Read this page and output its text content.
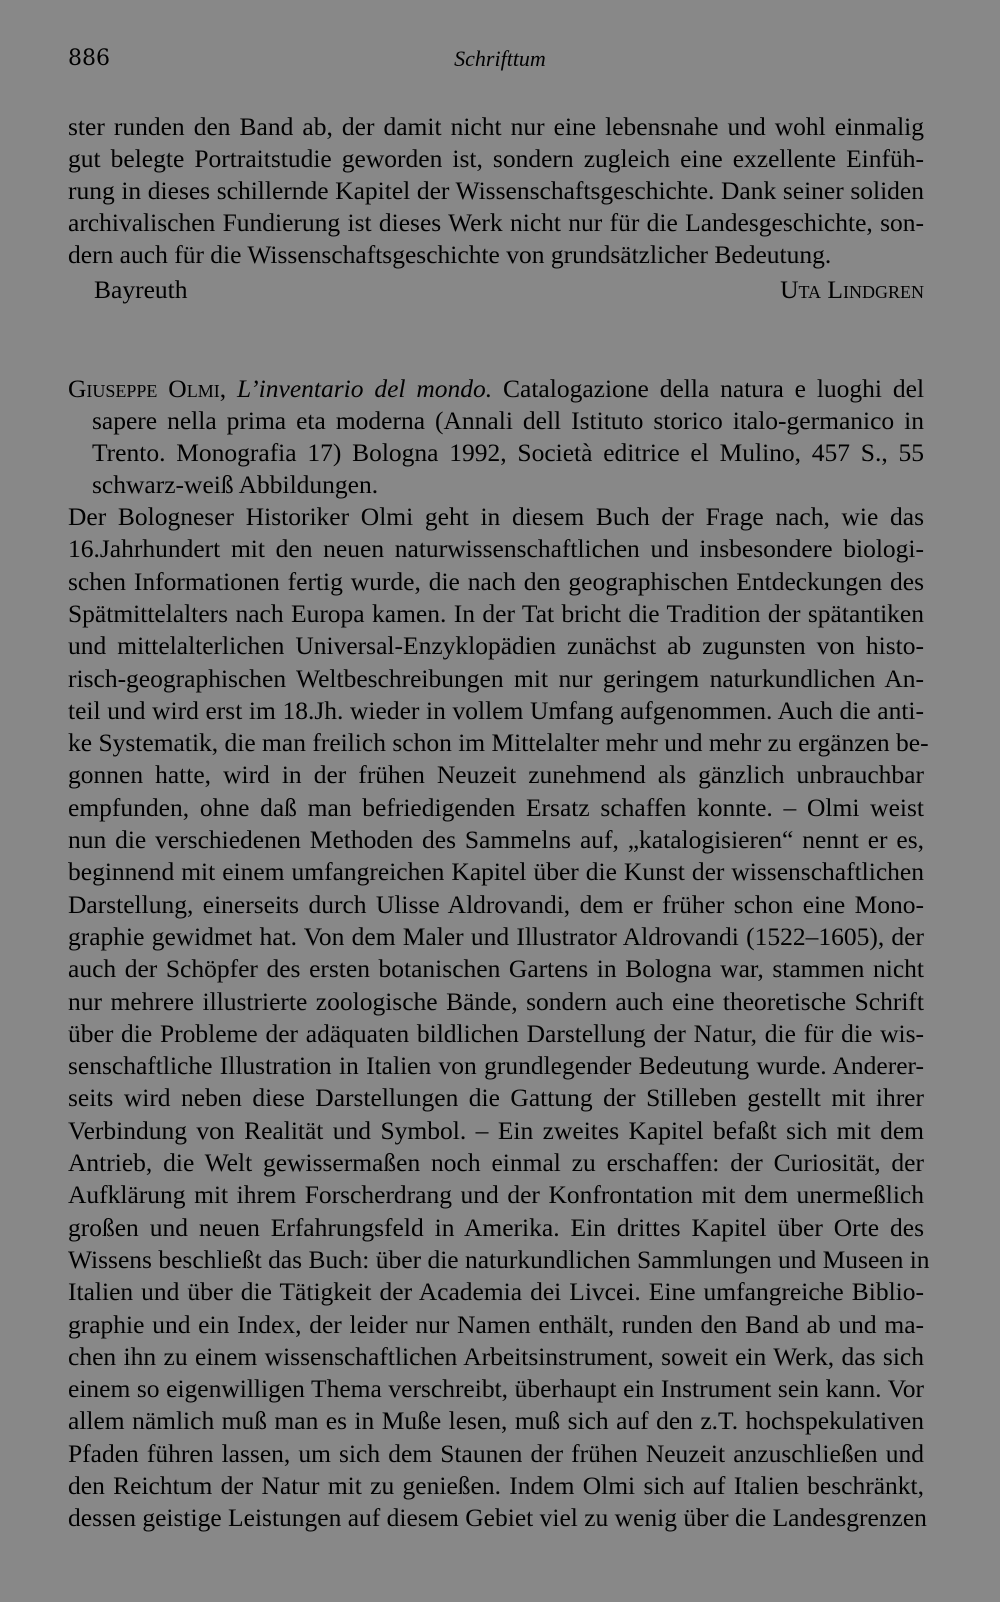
886	Schrifttum
ster runden den Band ab, der damit nicht nur eine lebensnahe und wohl einmalig
gut belegte Portraitstudie geworden ist, sondern zugleich eine exzellente Einfüh-
rung in dieses schillernde Kapitel der Wissenschaftsgeschichte. Dank seiner soliden
archivalischen Fundierung ist dieses Werk nicht nur für die Landesgeschichte, son-
dern auch für die Wissenschaftsgeschichte von grundsätzlicher Bedeutung.
Bayreuth	Uta Lindgren
Giuseppe Olmi, L’inventario del mondo. Catalogazione della natura e luoghi del
sapere nella prima eta moderna (Annali dell Istituto storico italo-germanico in
Trento. Monografia 17) Bologna 1992, Società editrice el Mulino, 457 S., 55
schwarz-weiß Abbildungen.
Der Bologneser Historiker Olmi geht in diesem Buch der Frage nach, wie das
16.Jahrhundert mit den neuen naturwissenschaftlichen und insbesondere biologi-
schen Informationen fertig wurde, die nach den geographischen Entdeckungen des
Spätmittelalters nach Europa kamen. In der Tat bricht die Tradition der spätantiken
und mittelalterlichen Universal-Enzyklopädien zunächst ab zugunsten von histo-
risch-geographischen Weltbeschreibungen mit nur geringem naturkundlichen An-
teil und wird erst im 18.Jh. wieder in vollem Umfang aufgenommen. Auch die anti-
ke Systematik, die man freilich schon im Mittelalter mehr und mehr zu ergänzen be-
gonnen hatte, wird in der frühen Neuzeit zunehmend als gänzlich unbrauchbar
empfunden, ohne daß man befriedigenden Ersatz schaffen konnte. – Olmi weist
nun die verschiedenen Methoden des Sammelns auf, „katalogisieren“ nennt er es,
beginnend mit einem umfangreichen Kapitel über die Kunst der wissenschaftlichen
Darstellung, einerseits durch Ulisse Aldrovandi, dem er früher schon eine Mono-
graphie gewidmet hat. Von dem Maler und Illustrator Aldrovandi (1522–1605), der
auch der Schöpfer des ersten botanischen Gartens in Bologna war, stammen nicht
nur mehrere illustrierte zoologische Bände, sondern auch eine theoretische Schrift
über die Probleme der adäquaten bildlichen Darstellung der Natur, die für die wis-
senschaftliche Illustration in Italien von grundlegender Bedeutung wurde. Anderer-
seits wird neben diese Darstellungen die Gattung der Stilleben gestellt mit ihrer
Verbindung von Realität und Symbol. – Ein zweites Kapitel befaßt sich mit dem
Antrieb, die Welt gewissermaßen noch einmal zu erschaffen: der Curiosität, der
Aufklärung mit ihrem Forscherdrang und der Konfrontation mit dem unermeßlich
großen und neuen Erfahrungsfeld in Amerika. Ein drittes Kapitel über Orte des
Wissens beschließt das Buch: über die naturkundlichen Sammlungen und Museen in
Italien und über die Tätigkeit der Academia dei Livcei. Eine umfangreiche Biblio-
graphie und ein Index, der leider nur Namen enthält, runden den Band ab und ma-
chen ihn zu einem wissenschaftlichen Arbeitsinstrument, soweit ein Werk, das sich
einem so eigenwilligen Thema verschreibt, überhaupt ein Instrument sein kann. Vor
allem nämlich muß man es in Muße lesen, muß sich auf den z.T. hochspekulativen
Pfaden führen lassen, um sich dem Staunen der frühen Neuzeit anzuschließen und
den Reichtum der Natur mit zu genießen. Indem Olmi sich auf Italien beschränkt,
dessen geistige Leistungen auf diesem Gebiet viel zu wenig über die Landesgrenzen
